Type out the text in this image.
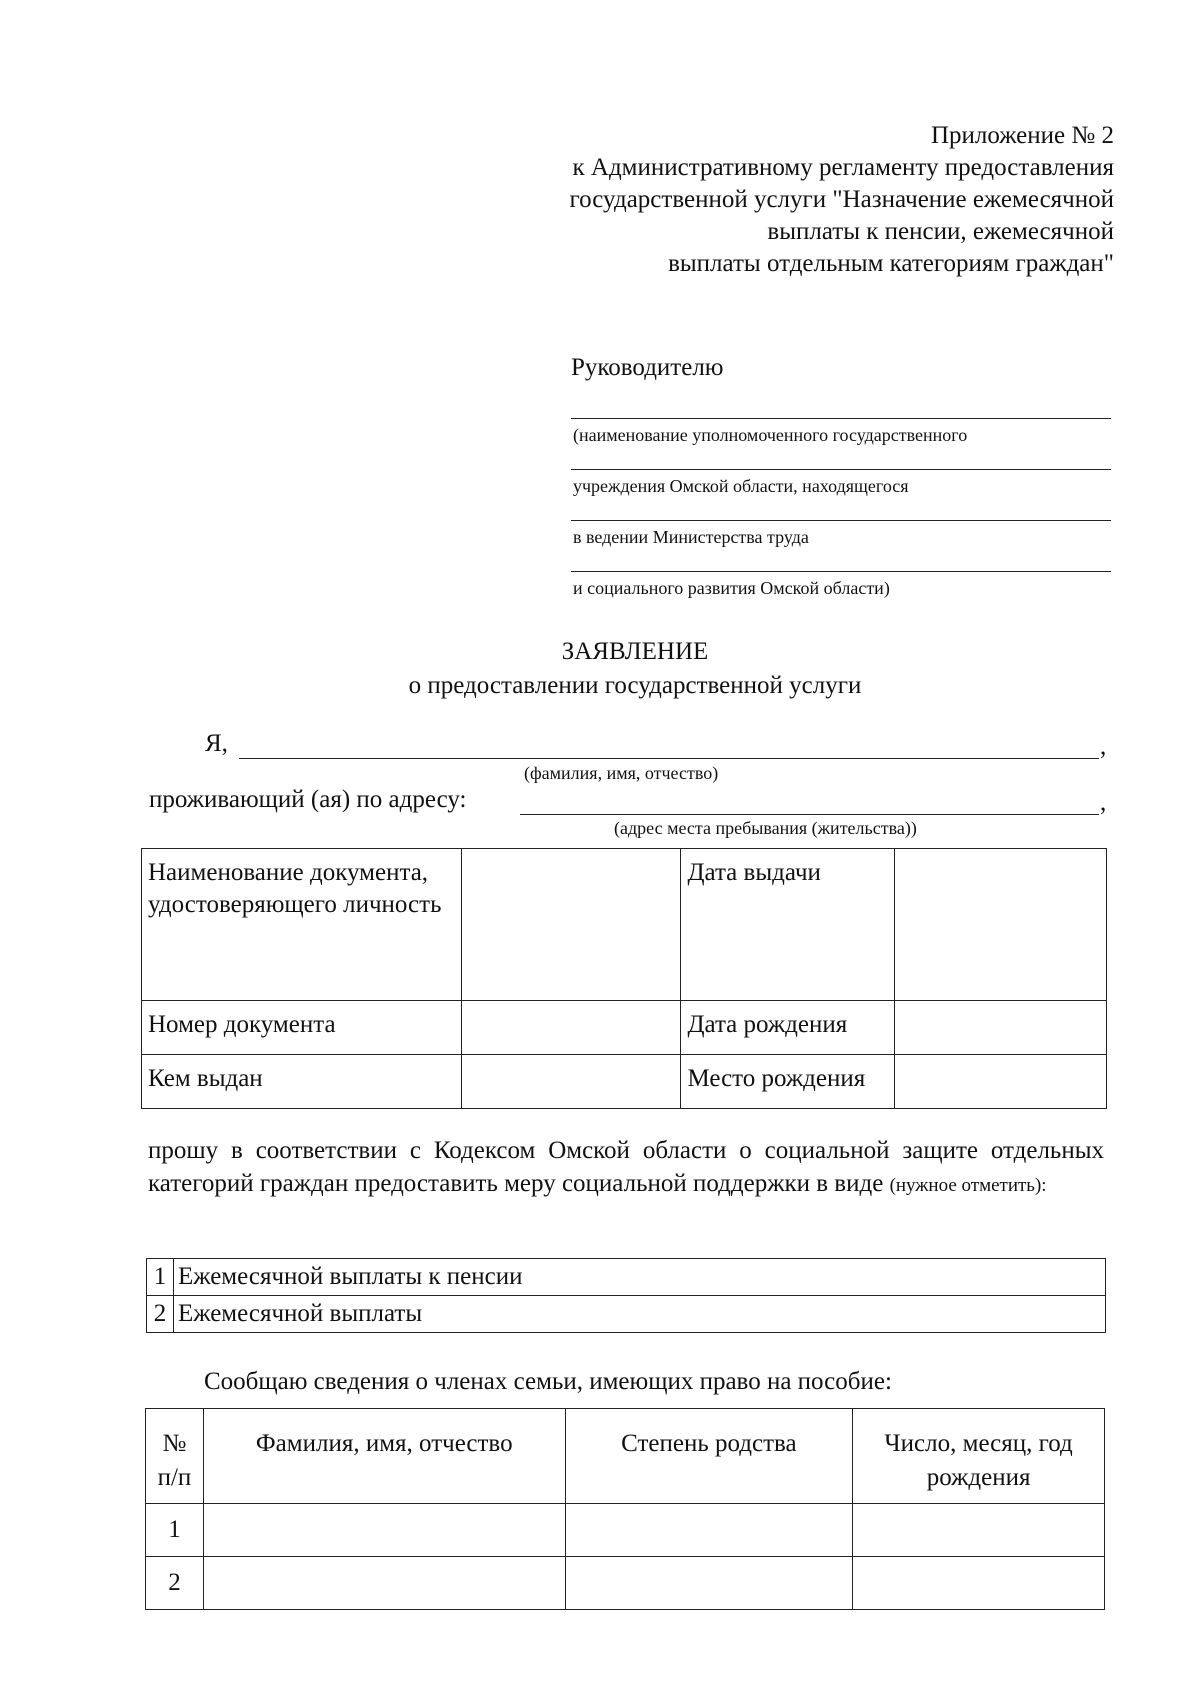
Приложение № 2
к Административному регламенту предоставления
государственной услуги "Назначение ежемесячной
выплаты к пенсии, ежемесячной
выплаты отдельным категориям граждан"
Руководителю
(наименование уполномоченного государственного
учреждения Омской области, находящегося
в ведении Министерства труда
и социального развития Омской области)
ЗАЯВЛЕНИЕ
о предоставлении государственной услуги
Я,	,
(фамилия, имя, отчество)
проживающий (ая) по адресу:	,
(адрес места пребывания (жительства))
Наименование документа, удостоверяющего личность		Дата выдачи	
Номер документа		Дата рождения	
Кем выдан		Место рождения	
прошу в соответствии с Кодексом Омской области о социальной защите отдельных категорий граждан предоставить меру социальной поддержки в виде (нужное отметить):
1	Ежемесячной выплаты к пенсии
2	Ежемесячной выплаты
Сообщаю сведения о членах семьи, имеющих право на пособие:
№ п/п	Фамилия, имя, отчество	Степень родства	Число, месяц, год рождения
1			
2			
